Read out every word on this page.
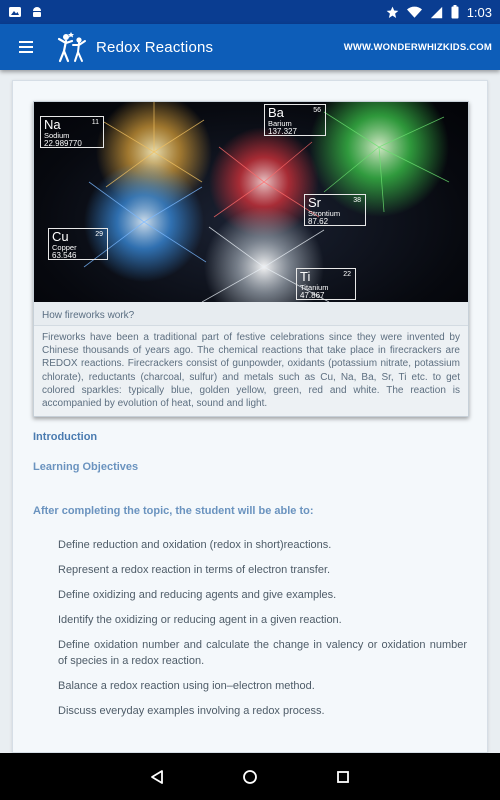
1:03
Redox Reactions	WWW.WONDERWHIZKIDS.COM
Na	11
Sodium
22.989770
Ba	56
Barium
137.327
Sr	38
Strontium
87.62
Cu	29
Copper
63.546
Ti	22
Titanium
47.867
How fireworks work?
Fireworks have been a traditional part of festive celebrations since they were invented by Chinese thousands of years ago. The chemical reactions that take place in firecrackers are REDOX reactions. Firecrackers consist of gunpowder, oxidants (potassium nitrate, potassium chlorate), reductants (charcoal, sulfur) and metals such as Cu, Na, Ba, Sr, Ti etc. to get colored sparkles: typically blue, golden yellow, green, red and white. The reaction is accompanied by evolution of heat, sound and light.
Introduction
Learning Objectives
After completing the topic, the student will be able to:
Define reduction and oxidation (redox in short)reactions.
Represent a redox reaction in terms of electron transfer.
Define oxidizing and reducing agents and give examples.
Identify the oxidizing or reducing agent in a given reaction.
Define oxidation number and calculate the change in valency or oxidation number of species in a redox reaction.
Balance a redox reaction using ion–electron method.
Discuss everyday examples involving a redox process.
